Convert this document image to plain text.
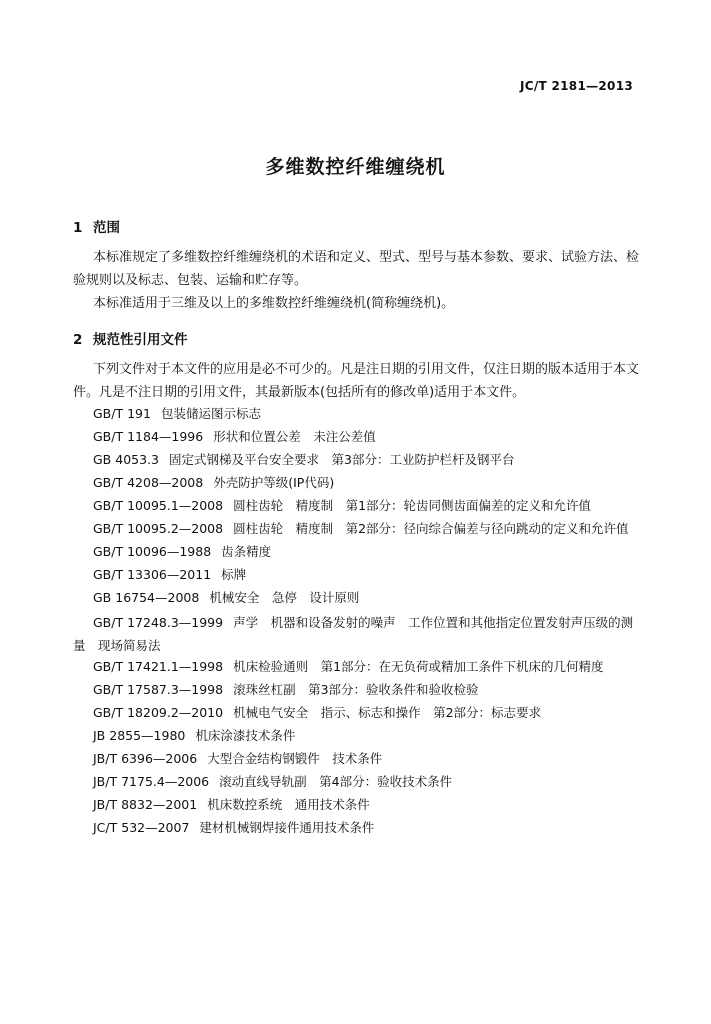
JC/T 2181—2013

多维数控纤维缠绕机
1 范围

本标准规定了多维数控纤维缠绕机的术语和定义、型式、型号与基本参数、要求、试验方法、检验规则以及标志、包装、运输和贮存等。

本标准适用于三维及以上的多维数控纤维缠绕机(简称缠绕机)。

2 规范性引用文件

下列文件对于本文件的应用是必不可少的。凡是注日期的引用文件，仅注日期的版本适用于本文件。凡是不注日期的引用文件，其最新版本(包括所有的修改单)适用于本文件。

GB/T 191 包装储运图示标志
GB/T 1184—1996 形状和位置公差　未注公差值
GB 4053.3 固定式钢梯及平台安全要求　第3部分：工业防护栏杆及钢平台
GB/T 4208—2008 外壳防护等级(IP代码)
GB/T 10095.1—2008 圆柱齿轮　精度制　第1部分：轮齿同侧齿面偏差的定义和允许值
GB/T 10095.2—2008 圆柱齿轮　精度制　第2部分：径向综合偏差与径向跳动的定义和允许值
GB/T 10096—1988 齿条精度
GB/T 13306—2011 标牌
GB 16754—2008 机械安全　急停　设计原则
GB/T 17248.3—1999 声学　机器和设备发射的噪声　工作位置和其他指定位置发射声压级的测量　现场简易法
GB/T 17421.1—1998 机床检验通则　第1部分：在无负荷或精加工条件下机床的几何精度
GB/T 17587.3—1998 滚珠丝杠副　第3部分：验收条件和验收检验
GB/T 18209.2—2010 机械电气安全　指示、标志和操作　第2部分：标志要求
JB 2855—1980 机床涂漆技术条件
JB/T 6396—2006 大型合金结构钢锻件　技术条件
JB/T 7175.4—2006 滚动直线导轨副　第4部分：验收技术条件
JB/T 8832—2001 机床数控系统　通用技术条件
JC/T 532—2007 建材机械钢焊接件通用技术条件
